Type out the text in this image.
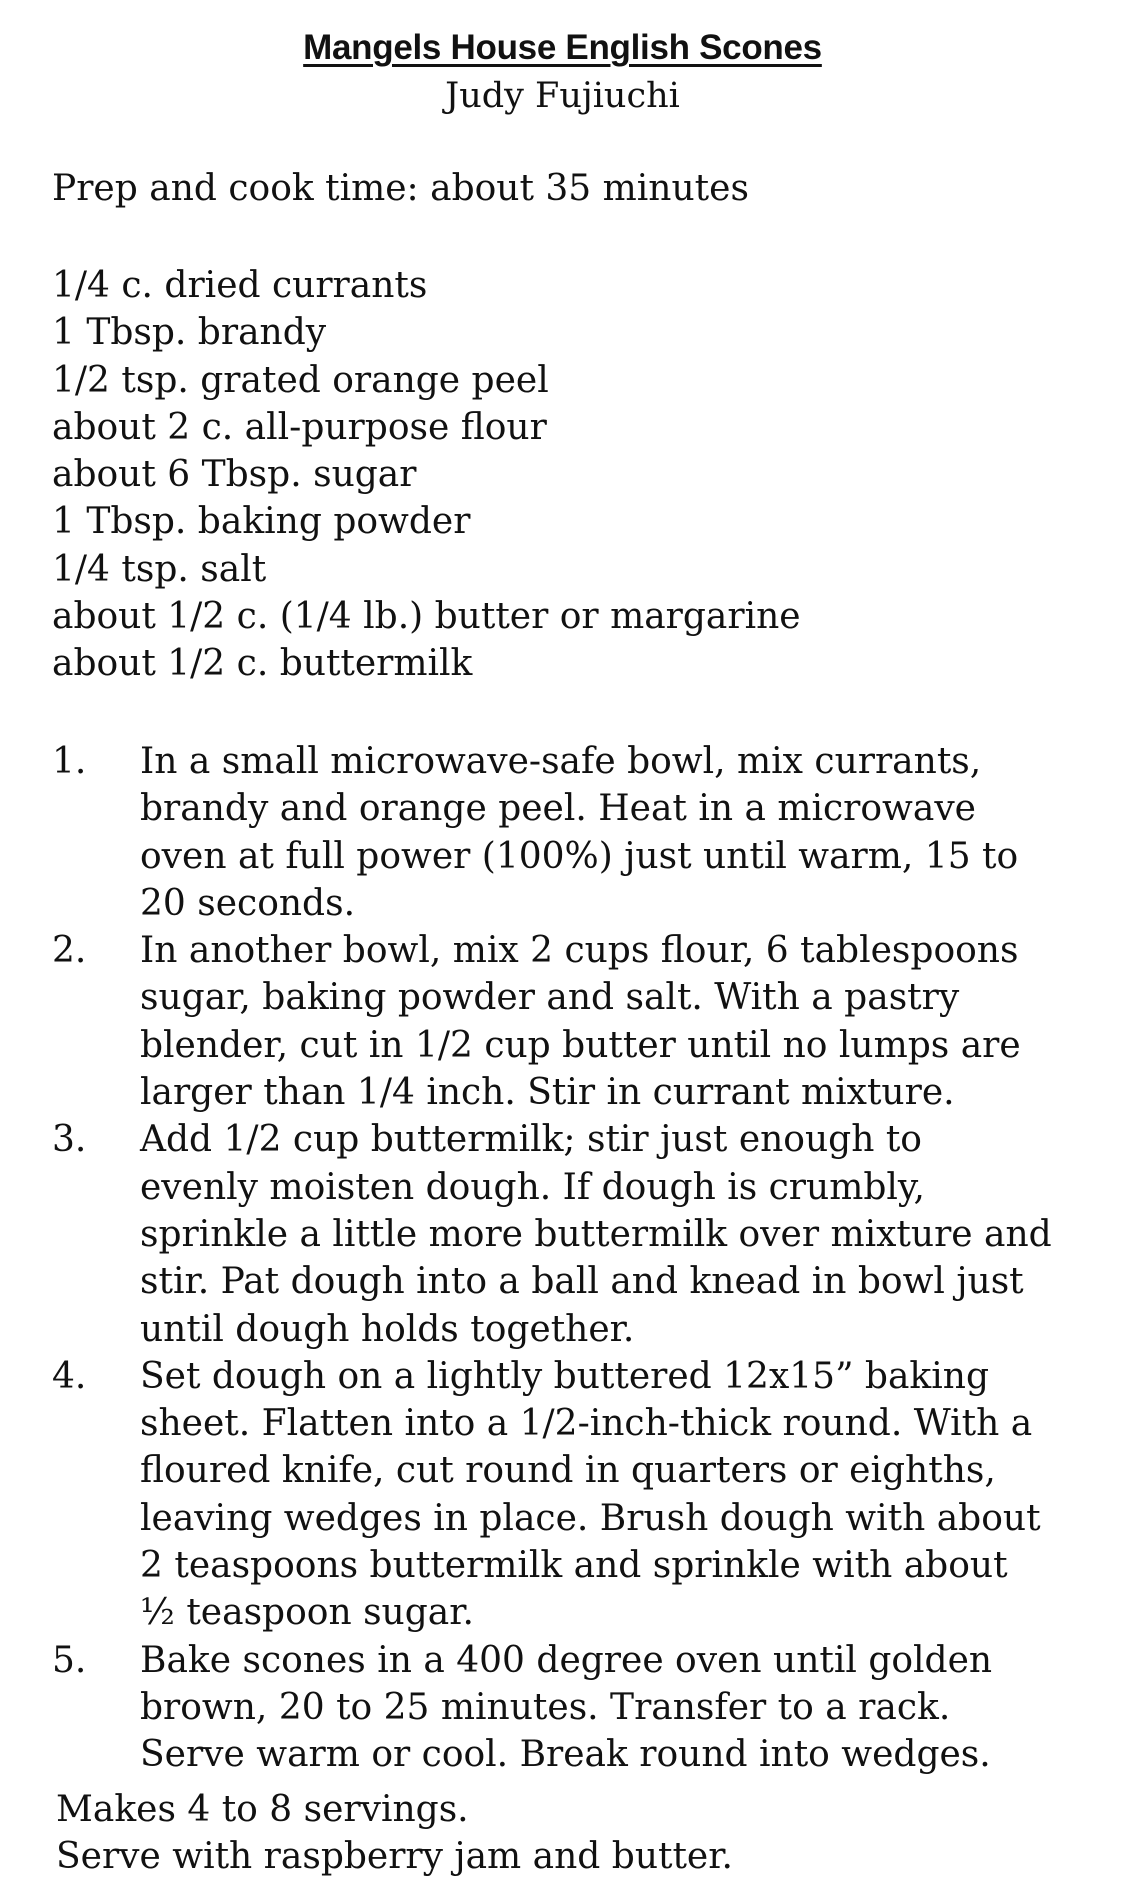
Mangels House English Scones
Judy Fujiuchi
Prep and cook time: about 35 minutes
1/4 c. dried currants
1 Tbsp. brandy
1/2 tsp. grated orange peel
about 2 c. all-purpose flour
about 6 Tbsp. sugar
1 Tbsp. baking powder
1/4 tsp. salt
about 1/2 c. (1/4 lb.) butter or margarine
about 1/2 c. buttermilk
1.	In a small microwave-safe bowl, mix currants,
brandy and orange peel. Heat in a microwave
oven at full power (100%) just until warm, 15 to
20 seconds.
2.	In another bowl, mix 2 cups flour, 6 tablespoons
sugar, baking powder and salt. With a pastry
blender, cut in 1/2 cup butter until no lumps are
larger than 1/4 inch. Stir in currant mixture.
3.	Add 1/2 cup buttermilk; stir just enough to
evenly moisten dough. If dough is crumbly,
sprinkle a little more buttermilk over mixture and
stir. Pat dough into a ball and knead in bowl just
until dough holds together.
4.	Set dough on a lightly buttered 12x15” baking
sheet. Flatten into a 1/2-inch-thick round. With a
floured knife, cut round in quarters or eighths,
leaving wedges in place. Brush dough with about
2 teaspoons buttermilk and sprinkle with about
½ teaspoon sugar.
5.	Bake scones in a 400 degree oven until golden
brown, 20 to 25 minutes. Transfer to a rack.
Serve warm or cool. Break round into wedges.
Makes 4 to 8 servings.
Serve with raspberry jam and butter.
